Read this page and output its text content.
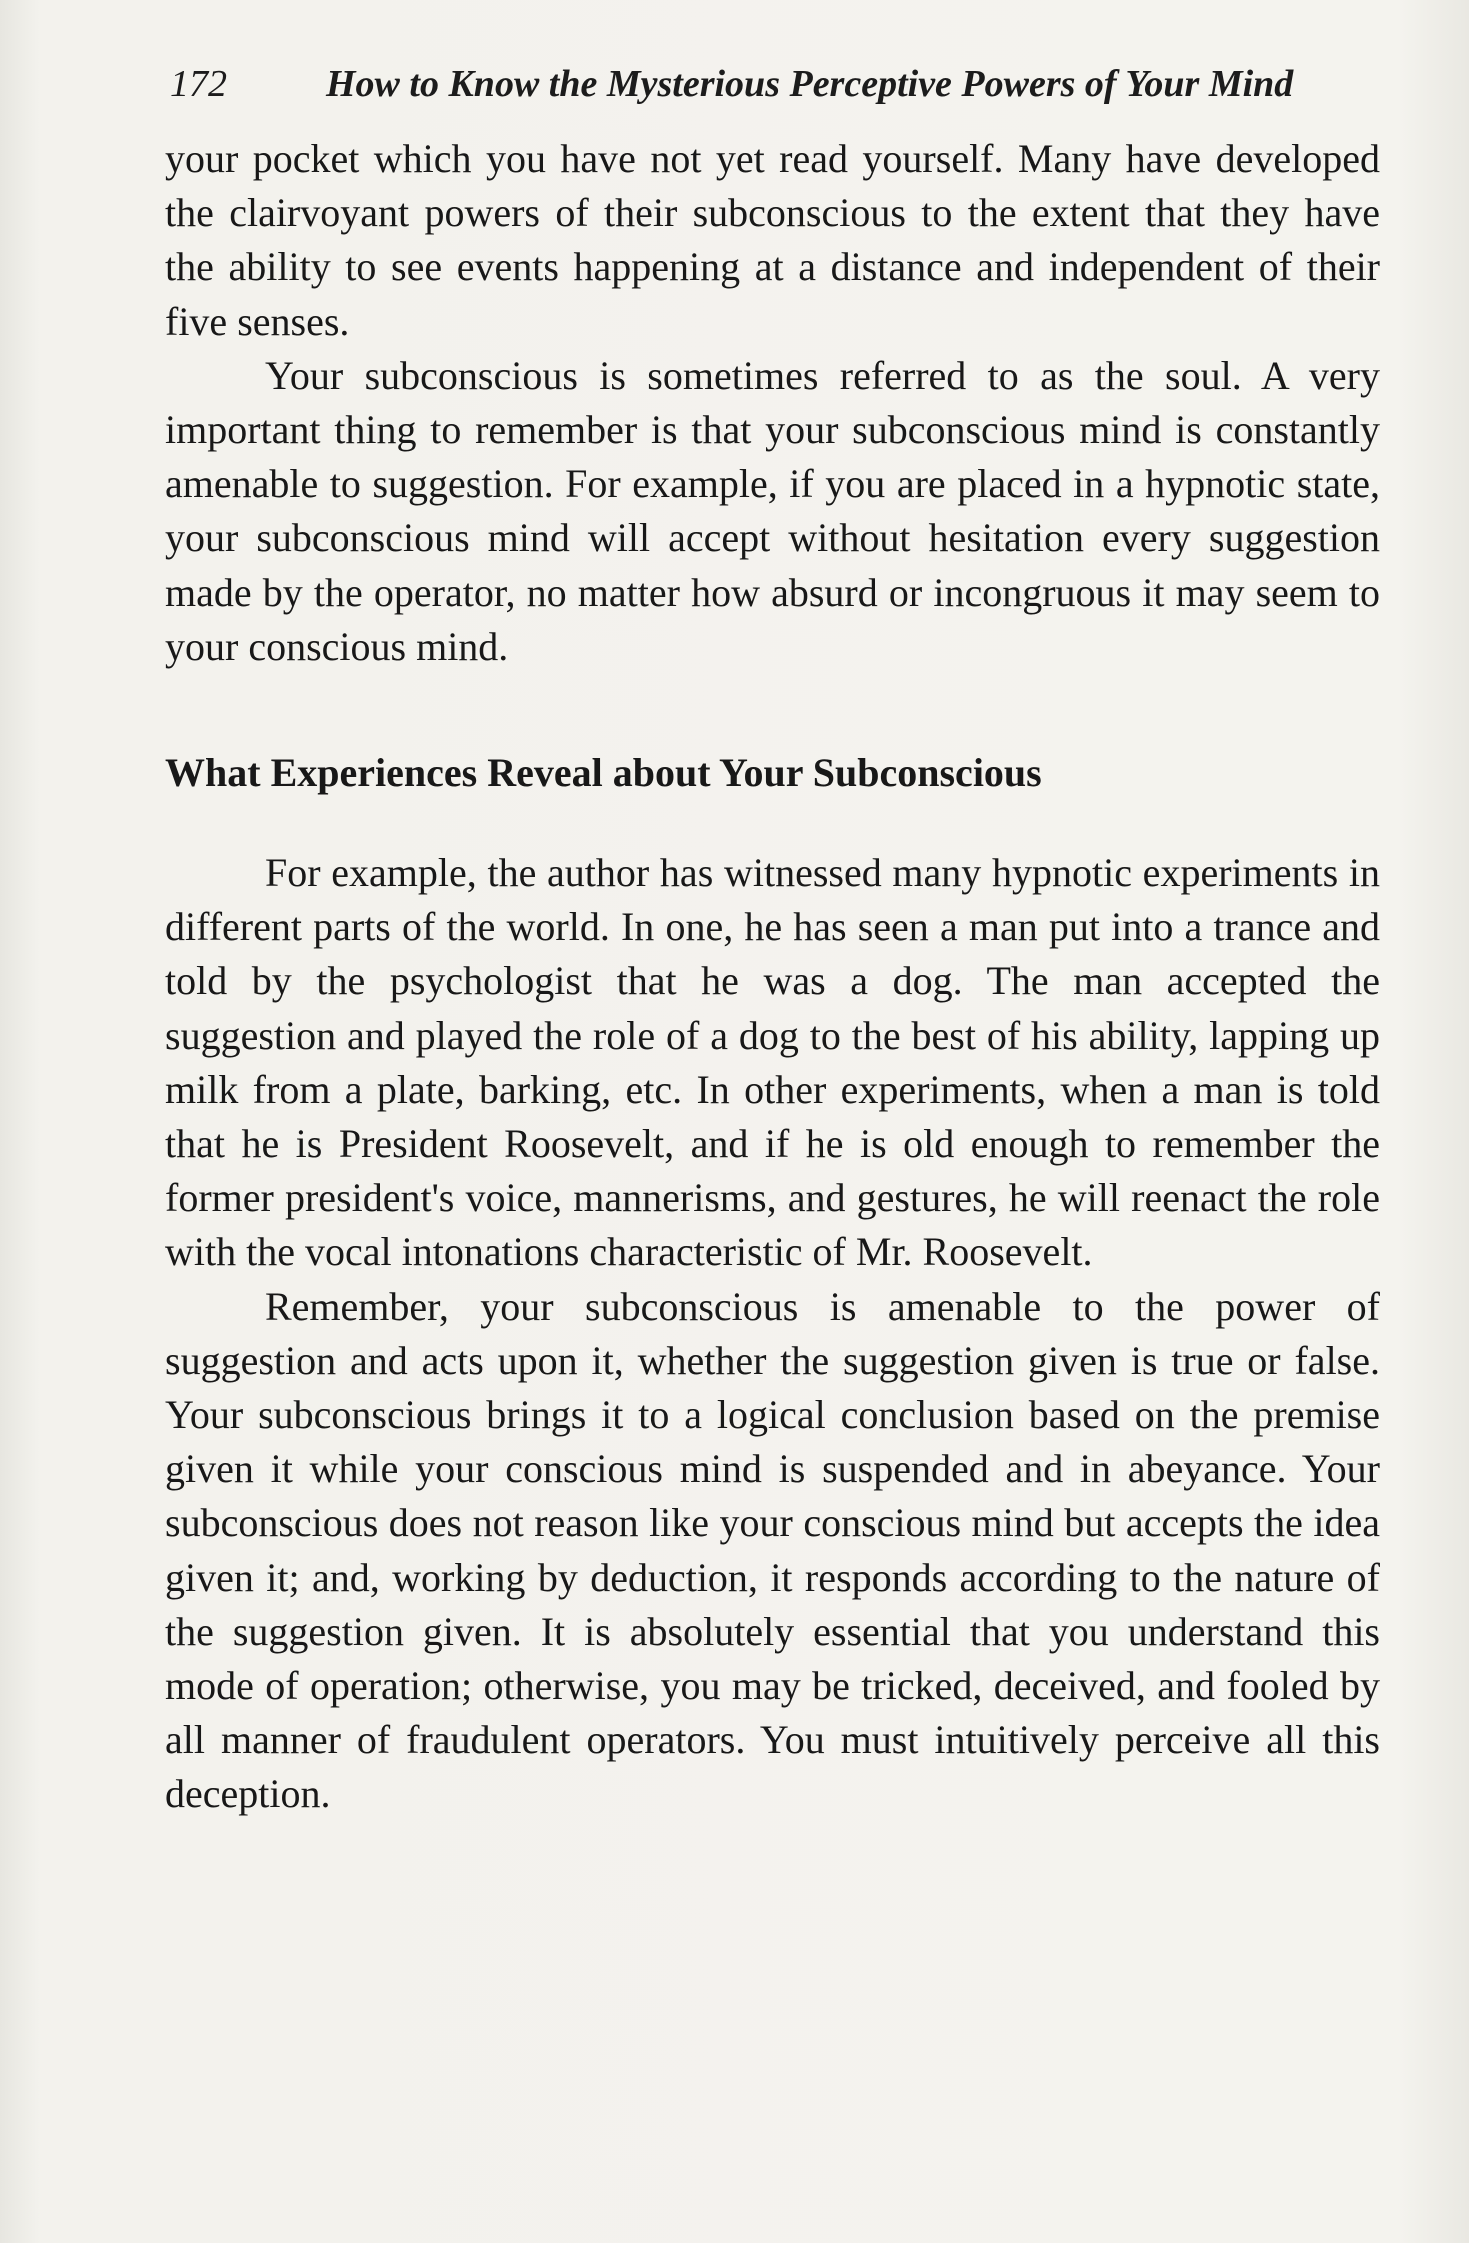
172	How to Know the Mysterious Perceptive Powers of Your Mind

your pocket which you have not yet read yourself. Many have developed the clairvoyant powers of their subconscious to the extent that they have the ability to see events happening at a distance and independent of their five senses.

Your subconscious is sometimes referred to as the soul. A very important thing to remember is that your subconscious mind is constantly amenable to suggestion. For example, if you are placed in a hypnotic state, your subconscious mind will accept without hesitation every suggestion made by the operator, no matter how absurd or incongruous it may seem to your conscious mind.

What Experiences Reveal about Your Subconscious

For example, the author has witnessed many hypnotic experiments in different parts of the world. In one, he has seen a man put into a trance and told by the psychologist that he was a dog. The man accepted the suggestion and played the role of a dog to the best of his ability, lapping up milk from a plate, barking, etc. In other experiments, when a man is told that he is President Roosevelt, and if he is old enough to remember the former president's voice, mannerisms, and gestures, he will reenact the role with the vocal intonations characteristic of Mr. Roosevelt.

Remember, your subconscious is amenable to the power of suggestion and acts upon it, whether the suggestion given is true or false. Your subconscious brings it to a logical conclusion based on the premise given it while your conscious mind is suspended and in abeyance. Your subconscious does not reason like your conscious mind but accepts the idea given it; and, working by deduction, it responds according to the nature of the suggestion given. It is absolutely essential that you understand this mode of operation; otherwise, you may be tricked, deceived, and fooled by all manner of fraudulent operators. You must intuitively perceive all this deception.
